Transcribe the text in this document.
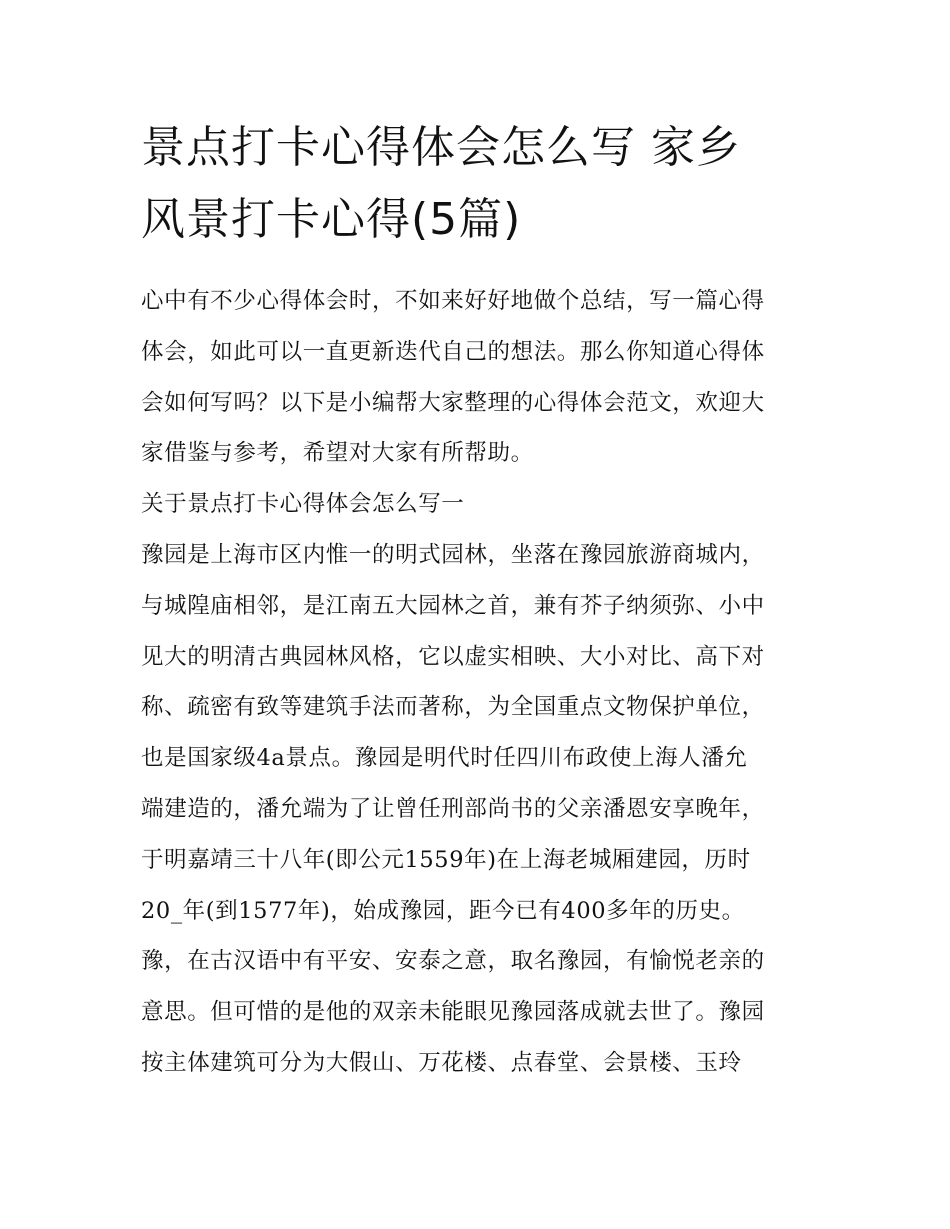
景点打卡心得体会怎么写 家乡
风景打卡心得(5篇)

心中有不少心得体会时，不如来好好地做个总结，写一篇心得
体会，如此可以一直更新迭代自己的想法。那么你知道心得体
会如何写吗？以下是小编帮大家整理的心得体会范文，欢迎大
家借鉴与参考，希望对大家有所帮助。

关于景点打卡心得体会怎么写一

豫园是上海市区内惟一的明式园林，坐落在豫园旅游商城内，
与城隍庙相邻，是江南五大园林之首，兼有芥子纳须弥、小中
见大的明清古典园林风格，它以虚实相映、大小对比、高下对
称、疏密有致等建筑手法而著称，为全国重点文物保护单位，
也是国家级4a景点。豫园是明代时任四川布政使上海人潘允
端建造的，潘允端为了让曾任刑部尚书的父亲潘恩安享晚年，
于明嘉靖三十八年(即公元1559年)在上海老城厢建园，历时
20_年(到1577年)，始成豫园，距今已有400多年的历史。

豫，在古汉语中有平安、安泰之意，取名豫园，有愉悦老亲的
意思。但可惜的是他的双亲未能眼见豫园落成就去世了。豫园
按主体建筑可分为大假山、万花楼、点春堂、会景楼、玉玲
